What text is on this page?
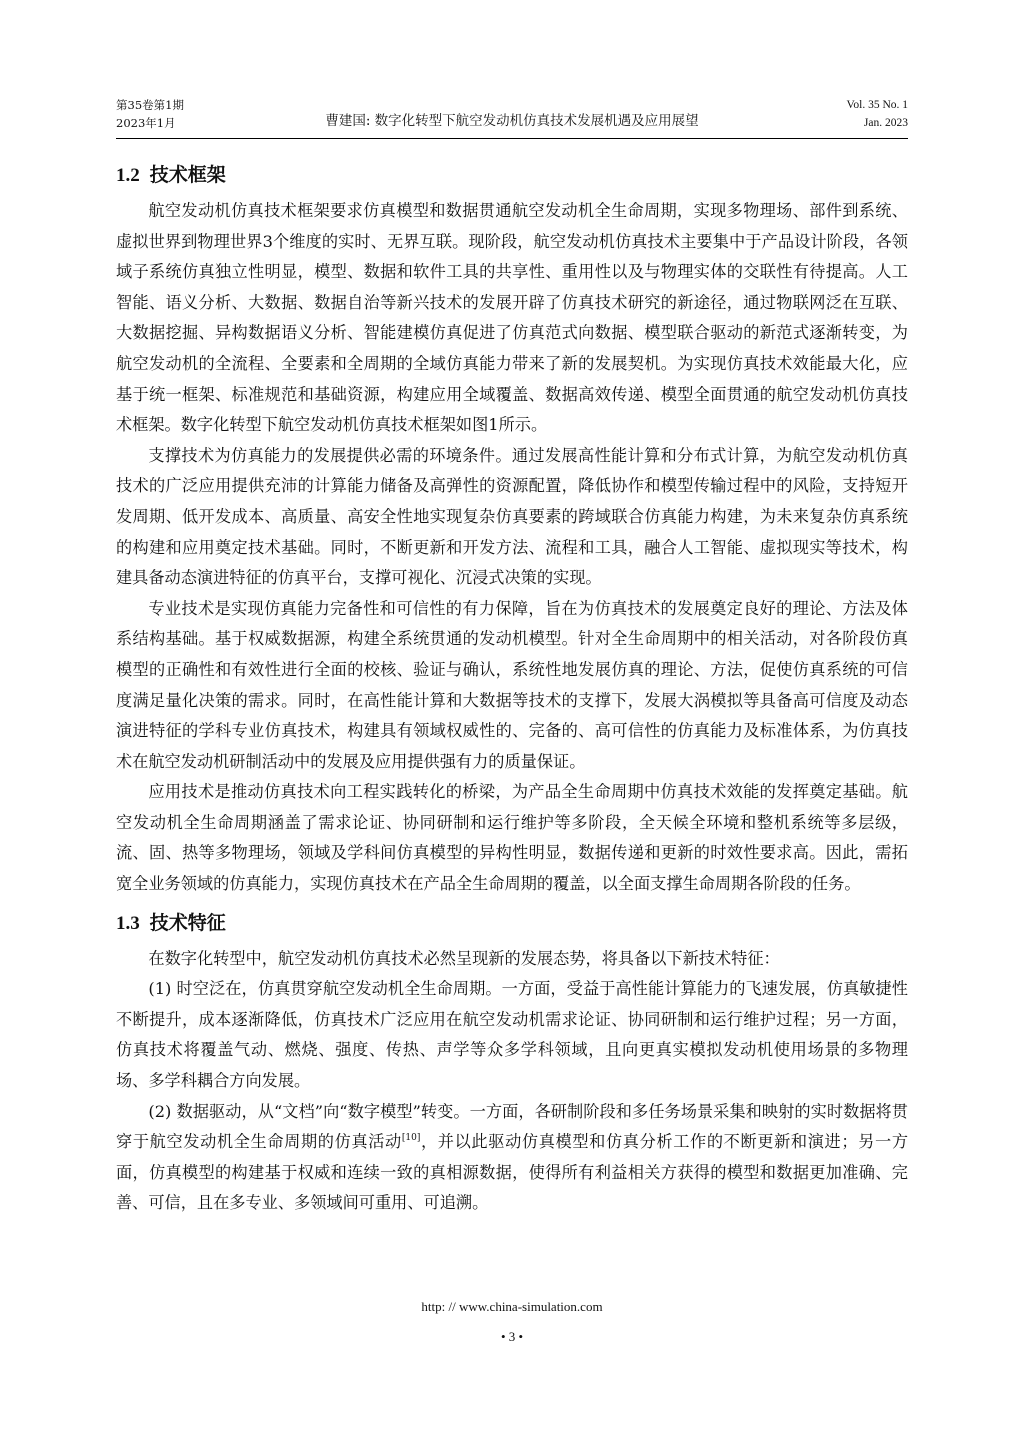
第35卷第1期
2023年1月	曹建国: 数字化转型下航空发动机仿真技术发展机遇及应用展望
Vol. 35 No. 1
Jan. 2023
1.2 技术框架

航空发动机仿真技术框架要求仿真模型和数据贯通航空发动机全生命周期，实现多物理场、部件到系统、虚拟世界到物理世界3个维度的实时、无界互联。现阶段，航空发动机仿真技术主要集中于产品设计阶段，各领域子系统仿真独立性明显，模型、数据和软件工具的共享性、重用性以及与物理实体的交联性有待提高。人工智能、语义分析、大数据、数据自治等新兴技术的发展开辟了仿真技术研究的新途径，通过物联网泛在互联、大数据挖掘、异构数据语义分析、智能建模仿真促进了仿真范式向数据、模型联合驱动的新范式逐渐转变，为航空发动机的全流程、全要素和全周期的全域仿真能力带来了新的发展契机。为实现仿真技术效能最大化，应基于统一框架、标准规范和基础资源，构建应用全域覆盖、数据高效传递、模型全面贯通的航空发动机仿真技术框架。数字化转型下航空发动机仿真技术框架如图1所示。

支撑技术为仿真能力的发展提供必需的环境条件。通过发展高性能计算和分布式计算，为航空发动机仿真技术的广泛应用提供充沛的计算能力储备及高弹性的资源配置，降低协作和模型传输过程中的风险，支持短开发周期、低开发成本、高质量、高安全性地实现复杂仿真要素的跨域联合仿真能力构建，为未来复杂仿真系统的构建和应用奠定技术基础。同时，不断更新和开发方法、流程和工具，融合人工智能、虚拟现实等技术，构建具备动态演进特征的仿真平台，支撑可视化、沉浸式决策的实现。

专业技术是实现仿真能力完备性和可信性的有力保障，旨在为仿真技术的发展奠定良好的理论、方法及体系结构基础。基于权威数据源，构建全系统贯通的发动机模型。针对全生命周期中的相关活动，对各阶段仿真模型的正确性和有效性进行全面的校核、验证与确认，系统性地发展仿真的理论、方法，促使仿真系统的可信度满足量化决策的需求。同时，在高性能计算和大数据等技术的支撑下，发展大涡模拟等具备高可信度及动态演进特征的学科专业仿真技术，构建具有领域权威性的、完备的、高可信性的仿真能力及标准体系，为仿真技术在航空发动机研制活动中的发展及应用提供强有力的质量保证。

应用技术是推动仿真技术向工程实践转化的桥梁，为产品全生命周期中仿真技术效能的发挥奠定基础。航空发动机全生命周期涵盖了需求论证、协同研制和运行维护等多阶段，全天候全环境和整机系统等多层级，流、固、热等多物理场，领域及学科间仿真模型的异构性明显，数据传递和更新的时效性要求高。因此，需拓宽全业务领域的仿真能力，实现仿真技术在产品全生命周期的覆盖，以全面支撑生命周期各阶段的任务。

1.3 技术特征

在数字化转型中，航空发动机仿真技术必然呈现新的发展态势，将具备以下新技术特征：

(1) 时空泛在，仿真贯穿航空发动机全生命周期。一方面，受益于高性能计算能力的飞速发展，仿真敏捷性不断提升，成本逐渐降低，仿真技术广泛应用在航空发动机需求论证、协同研制和运行维护过程；另一方面，仿真技术将覆盖气动、燃烧、强度、传热、声学等众多学科领域，且向更真实模拟发动机使用场景的多物理场、多学科耦合方向发展。

(2) 数据驱动，从“文档”向“数字模型”转变。一方面，各研制阶段和多任务场景采集和映射的实时数据将贯穿于航空发动机全生命周期的仿真活动[10]，并以此驱动仿真模型和仿真分析工作的不断更新和演进；另一方面，仿真模型的构建基于权威和连续一致的真相源数据，使得所有利益相关方获得的模型和数据更加准确、完善、可信，且在多专业、多领域间可重用、可追溯。

http: // www.china-simulation.com
• 3 •
